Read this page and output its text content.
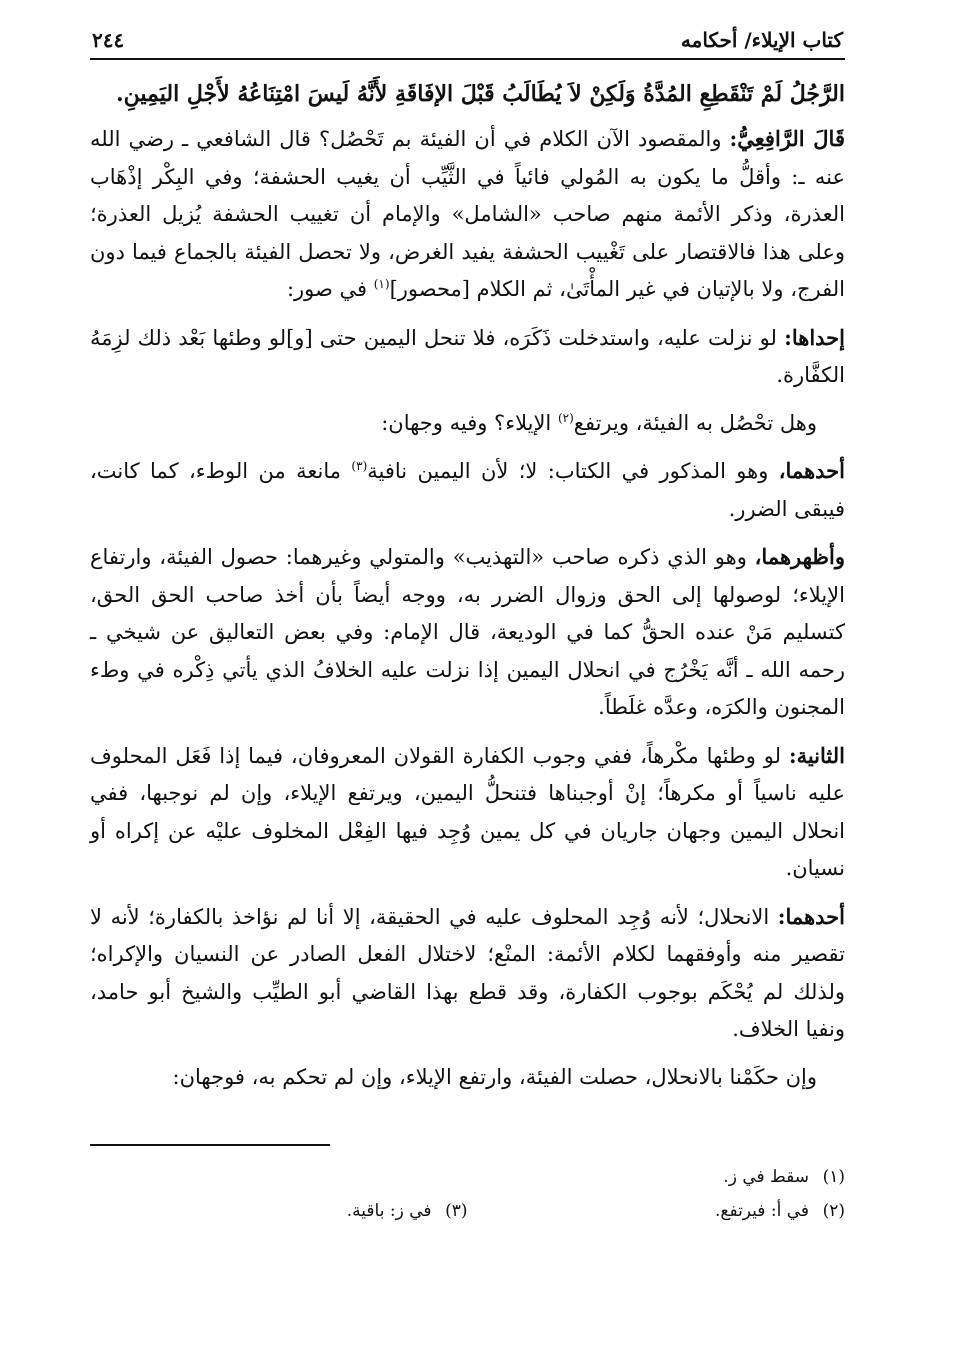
كتاب الإيلاء/ أحكامه
٢٤٤

الرَّجُلُ لَمْ تَنْقَطِعِ المُدَّةُ وَلَكِنْ لاَ يُطَالَبُ قَبْلَ الإفَاقَةِ لأَنَّهُ لَيسَ امْتِنَاعُهُ لأَجْلِ اليَمِينِ.

قَالَ الرَّافِعِيُّ: والمقصود الآن الكلام في أن الفيئة بم تَحْصُل؟ قال الشافعي ـ رضي الله عنه ـ: وأقلُّ ما يكون به المُولي فائياً في الثَّيِّب أن يغيب الحشفة؛ وفي البِكْر إذْهَاب العذرة، وذكر الأئمة منهم صاحب «الشامل» والإمام أن تغييب الحشفة يُزيل العذرة؛ وعلى هذا فالاقتصار على تَغْييب الحشفة يفيد الغرض، ولا تحصل الفيئة بالجماع فيما دون الفرج، ولا بالإتيان في غير المأْتَىٰ، ثم الكلام [محصور]$^{(١)}$ في صور:

إحداها: لو نزلت عليه، واستدخلت ذَكَرَه، فلا تنحل اليمين حتى [و]لو وطئها بَعْد ذلك لزِمَهُ الكفَّارة.

وهل تحْصُل به الفيئة، ويرتفع$^{(٢)}$ الإيلاء؟ وفيه وجهان:

أحدهما، وهو المذكور في الكتاب: لا؛ لأن اليمين نافية$^{(٣)}$ مانعة من الوطء، كما كانت، فيبقى الضرر.

وأظهرهما، وهو الذي ذكره صاحب «التهذيب» والمتولي وغيرهما: حصول الفيئة، وارتفاع الإيلاء؛ لوصولها إلى الحق وزوال الضرر به، ووجه أيضاً بأن أخذ صاحب الحق الحق، كتسليم مَنْ عنده الحقُّ كما في الوديعة، قال الإمام: وفي بعض التعاليق عن شيخي ـ رحمه الله ـ أنَّه يَخْرُج في انحلال اليمين إذا نزلت عليه الخلافُ الذي يأتي ذِكْره في وطء المجنون والكرَه، وعدَّه غلَطاً.

الثانية: لو وطئها مكْرهاً، ففي وجوب الكفارة القولان المعروفان، فيما إذا فَعَل المحلوف عليه ناسياً أو مكرهاً؛ إنْ أوجبناها فتنحلُّ اليمين، ويرتفع الإيلاء، وإن لم نوجبها، ففي انحلال اليمين وجهان جاريان في كل يمين وُجِد فيها الفِعْل المخلوف عليْه عن إكراه أو نسيان.

أحدهما: الانحلال؛ لأنه وُجِد المحلوف عليه في الحقيقة، إلا أنا لم نؤاخذ بالكفارة؛ لأنه لا تقصير منه وأوفقهما لكلام الأئمة: المنْع؛ لاختلال الفعل الصادر عن النسيان والإكراه؛ ولذلك لم يُحْكَم بوجوب الكفارة، وقد قطع بهذا القاضي أبو الطيِّب والشيخ أبو حامد، ونفيا الخلاف.

وإن حكَمْنا بالانحلال، حصلت الفيئة، وارتفع الإيلاء، وإن لم تحكم به، فوجهان:

(١)سقط في ز.
(٢)في أ: فيرتفع.
(٣)في ز: باقية.
